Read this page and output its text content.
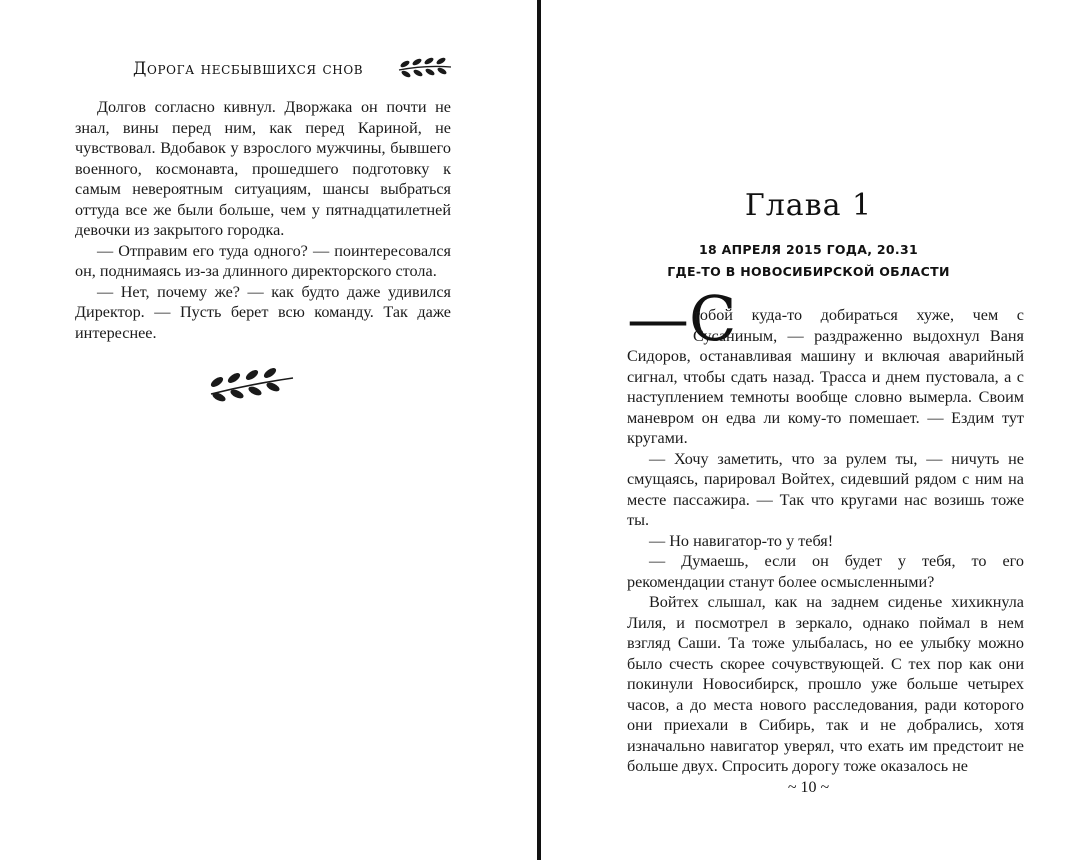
Дорога несбывшихся снов

Долгов согласно кивнул. Дворжака он почти не знал, вины перед ним, как перед Кариной, не чувствовал. Вдобавок у взрослого мужчины, бывшего военного, космонавта, прошедшего подготовку к самым невероятным ситуациям, шансы выбраться оттуда все же были больше, чем у пятнадцатилетней девочки из закрытого городка.

— Отправим его туда одного? — поинтересовался он, поднимаясь из-за длинного директорского стола.

— Нет, почему же? — как будто даже удивился Директор. — Пусть берет всю команду. Так даже интереснее.

Глава 1
18 АПРЕЛЯ 2015 ГОДА, 20.31
ГДЕ-ТО В НОВОСИБИРСКОЙ ОБЛАСТИ
—С

тобой куда-то добираться хуже, чем с Сусаниным, — раздраженно выдохнул Ваня Сидоров, останавливая машину и включая аварийный сигнал, чтобы сдать назад. Трасса и днем пустовала, а с наступлением темноты вообще словно вымерла. Своим маневром он едва ли кому-то помешает. — Ездим тут кругами.

— Хочу заметить, что за рулем ты, — ничуть не смущаясь, парировал Войтех, сидевший рядом с ним на месте пассажира. — Так что кругами нас возишь тоже ты.

— Но навигатор-то у тебя!

— Думаешь, если он будет у тебя, то его рекомендации станут более осмысленными?

Войтех слышал, как на заднем сиденье хихикнула Лиля, и посмотрел в зеркало, однако поймал в нем взгляд Саши. Та тоже улыбалась, но ее улыбку можно было счесть скорее сочувствующей. С тех пор как они покинули Новосибирск, прошло уже больше четырех часов, а до места нового расследования, ради которого они приехали в Сибирь, так и не добрались, хотя изначально навигатор уверял, что ехать им предстоит не больше двух. Спросить дорогу тоже оказалось не

~ 10 ~
